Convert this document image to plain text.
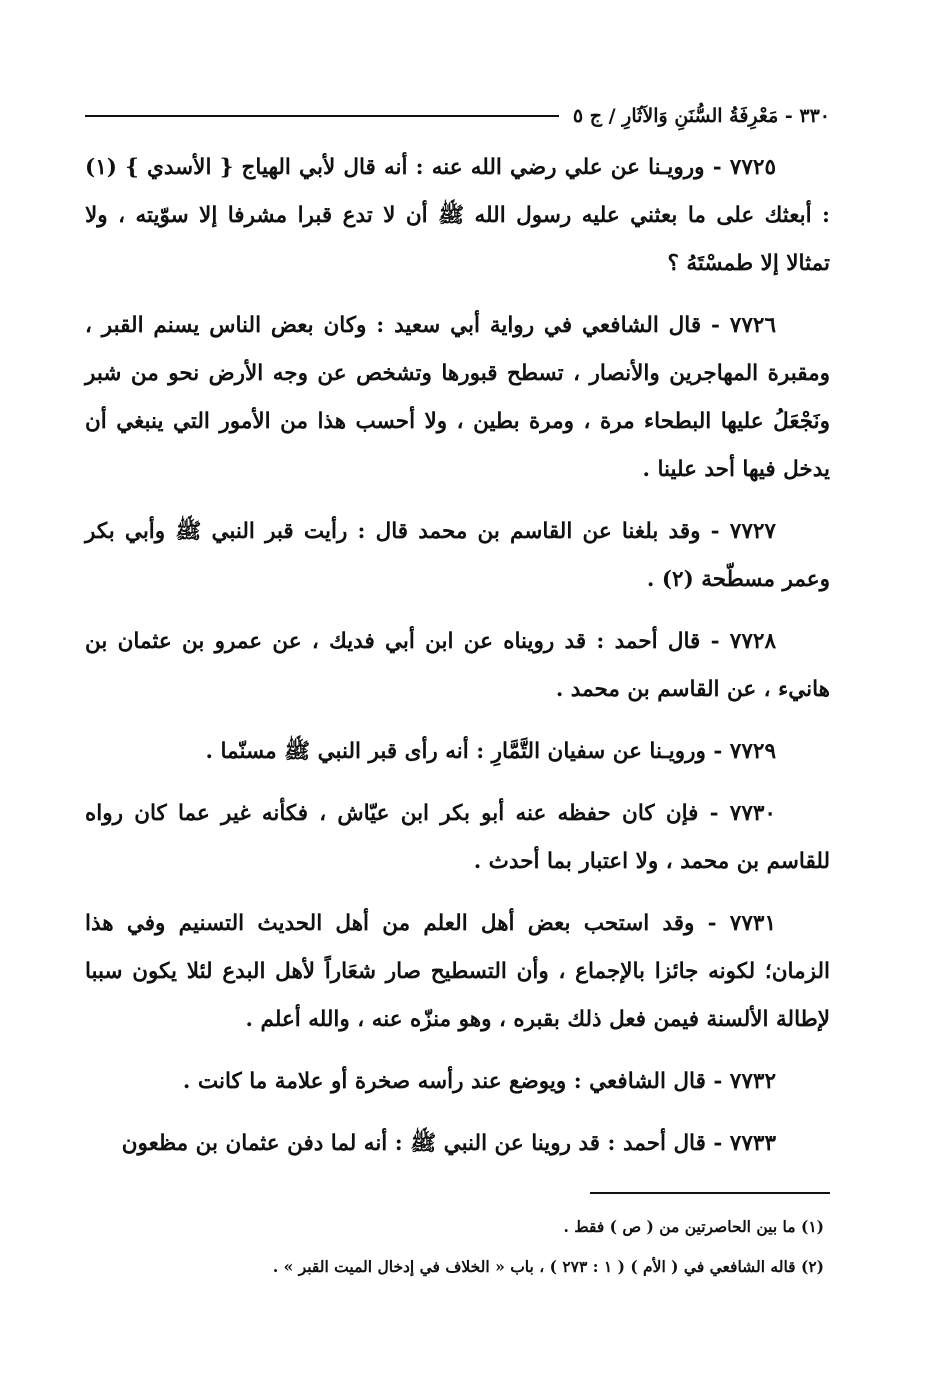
٣٣٠ - مَعْرِفَةُ السُّنَنِ وَالآثَارِ / ج ٥

٧٧٢٥ - ورويـنا عن علي رضي الله عنه : أنه قال لأبي الهياج { الأسدي } (١) : أبعثك على ما بعثني عليه رسول الله ﷺ أن لا تدع قبرا مشرفا إلا سوّيته ، ولا تمثالا إلا طمسْتَهُ ؟

٧٧٢٦ - قال الشافعي في رواية أبي سعيد : وكان بعض الناس يسنم القبر ، ومقبرة المهاجرين والأنصار ، تسطح قبورها وتشخص عن وجه الأرض نحو من شبر ونَجْعَلُ عليها البطحاء مرة ، ومرة بطين ، ولا أحسب هذا من الأمور التي ينبغي أن يدخل فيها أحد علينا .

٧٧٢٧ - وقد بلغنا عن القاسم بن محمد قال : رأيت قبر النبي ﷺ وأبي بكر وعمر مسطّحة (٢) .

٧٧٢٨ - قال أحمد : قد رويناه عن ابن أبي فديك ، عن عمرو بن عثمان بن هانيء ، عن القاسم بن محمد .

٧٧٢٩ - ورويـنا عن سفيان التَّمَّارِ : أنه رأى قبر النبي ﷺ مسنّما .

٧٧٣٠ - فإن كان حفظه عنه أبو بكر ابن عيّاش ، فكأنه غير عما كان رواه للقاسم بن محمد ، ولا اعتبار بما أحدث .

٧٧٣١ - وقد استحب بعض أهل العلم من أهل الحديث التسنيم وفي هذا الزمان؛ لكونه جائزا بالإجماع ، وأن التسطيح صار شعَاراً لأهل البدع لئلا يكون سببا لإطالة الألسنة فيمن فعل ذلك بقبره ، وهو منزّه عنه ، والله أعلم .

٧٧٣٢ - قال الشافعي : ويوضع عند رأسه صخرة أو علامة ما كانت .

٧٧٣٣ - قال أحمد : قد روينا عن النبي ﷺ : أنه لما دفن عثمان بن مظعون

(١) ما بين الحاصرتين من ( ص ) فقط .

(٢) قاله الشافعي في ( الأم ) ( ١ : ٢٧٣ ) ، باب « الخلاف في إدخال الميت القبر » .
